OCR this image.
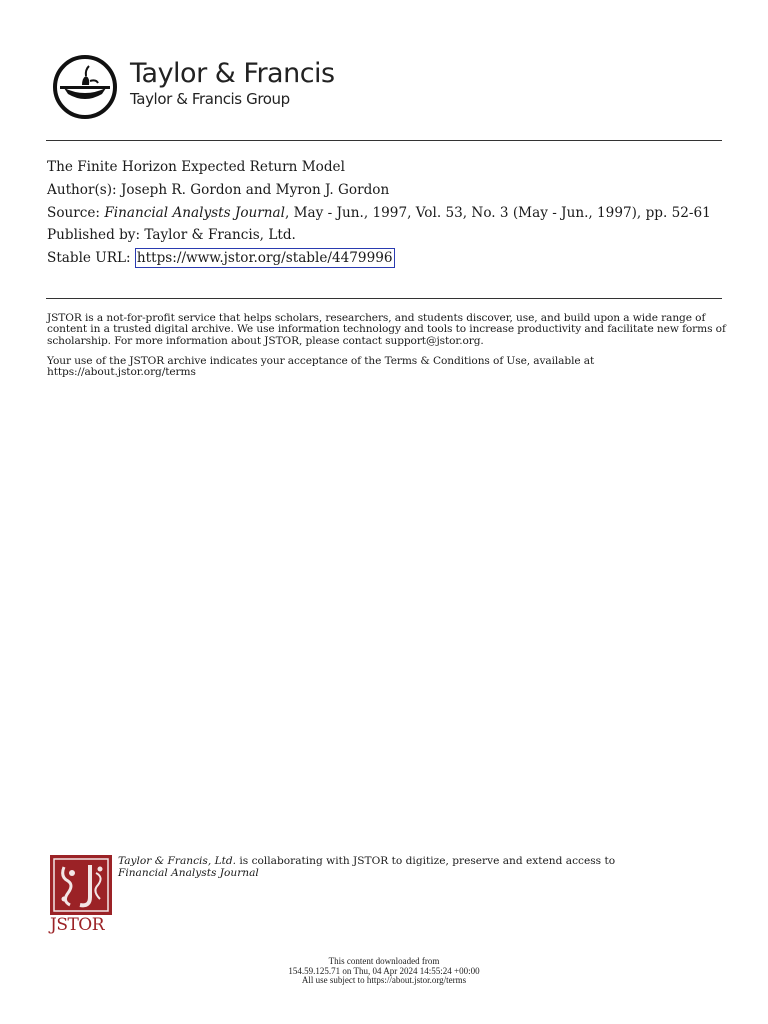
Taylor & Francis
Taylor & Francis Group

The Finite Horizon Expected Return Model

Author(s): Joseph R. Gordon and Myron J. Gordon

Source: Financial Analysts Journal, May - Jun., 1997, Vol. 53, No. 3 (May - Jun., 1997), pp. 52-61

Published by: Taylor & Francis, Ltd.

Stable URL: https://www.jstor.org/stable/4479996

JSTOR is a not-for-profit service that helps scholars, researchers, and students discover, use, and build upon a wide range of content in a trusted digital archive. We use information technology and tools to increase productivity and facilitate new forms of scholarship. For more information about JSTOR, please contact support@jstor.org.

Your use of the JSTOR archive indicates your acceptance of the Terms & Conditions of Use, available at https://about.jstor.org/terms

JSTOR
Taylor & Francis, Ltd. is collaborating with JSTOR to digitize, preserve and extend access to
Financial Analysts Journal
This content downloaded from
154.59.125.71 on Thu, 04 Apr 2024 14:55:24 +00:00
All use subject to https://about.jstor.org/terms
